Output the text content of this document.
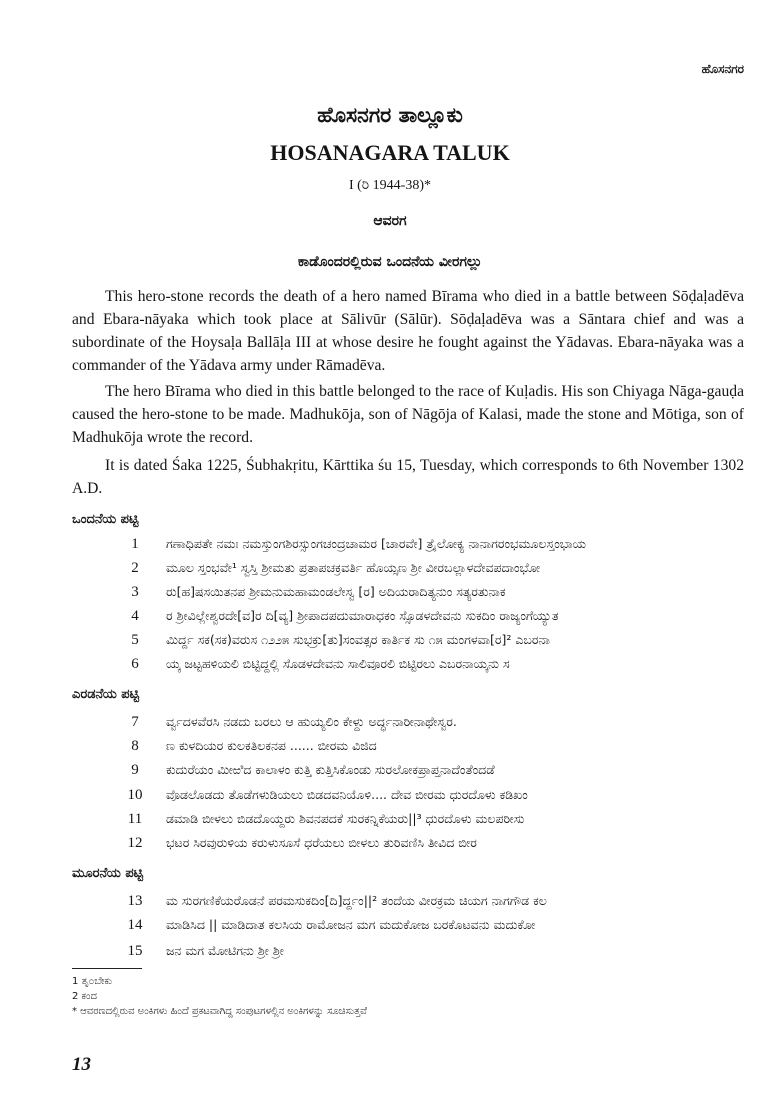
ಹೊಸನಗರ
ಹೊಸನಗರ ತಾಲ್ಲೂಕು
HOSANAGARA TALUK
I (ರಿ 1944-38)*
ಆವರಗ
ಕಾಡೊಂದರಲ್ಲಿರುವ ಒಂದನೆಯ ವೀರಗಲ್ಲು

This hero-stone records the death of a hero named Bīrama who died in a battle between Sōḍaḷadēva and Ebara-nāyaka which took place at Sālivūr (Sālūr). Sōḍaḷadēva was a Sāntara chief and was a subordinate of the Hoysaḷa Ballāḷa III at whose desire he fought against the Yādavas. Ebara-nāyaka was a commander of the Yādava army under Rāmadēva.

The hero Bīrama who died in this battle belonged to the race of Kuḷadis. His son Chiyaga Nāga-gauḍa caused the hero-stone to be made. Madhukōja, son of Nāgōja of Kalasi, made the stone and Mōtiga, son of Madhukōja wrote the record.

It is dated Śaka 1225, Śubhakṛitu, Kārttika śu 15, Tuesday, which corresponds to 6th November 1302 A.D.

ಒಂದನೆಯ ಪಟ್ಟಿ
1	ಗಣಾಧಿಪತೇ ನಮಃ ನಮಸ್ತುಂಗಶಿರಸ್ಸುಂಗಚಂದ್ರಚಾಮರ [ಚಾರವೇ] ತ್ರೈಲೋಕ್ಯ ನಾನಾಗರಂಭಮೂಲಸ್ತಂಭಾಯ
2	ಮೂಲ ಸ್ತಂಭವೇ¹ ಸ್ವಸ್ತಿ ಶ್ರೀಮತು ಪ್ರತಾಪಚಕ್ರವರ್ತಿ ಹೊಯ್ಸಣ ಶ್ರೀ ವೀರಬಲ್ಲಾಳದೇವಪದಾಂಭೋ
3	ರು[ಹ]ಷಸಯಿತನಪ ಶ್ರೀಮನುಮಹಾಮಂಡಲೇಸ್ವ [ರ] ಅದಿಯರಾದಿತ್ಯನುಂ ಸತ್ಯರತುನಾಕ
4	ರ ಶ್ರೀವಿಲ್ಲೇಶ್ವರದೇ[ವ]ರ ದಿ[ವ್ಯ] ಶ್ರೀಪಾದಪದುಮಾರಾಧಕಂ ಸ್ಸೊಡಳದೇವನು ಸುಕದಿಂ ರಾಜ್ಯಂಗೆಯ್ಯುತ
5	ಮಿರ್ದ್ದ ಸಕ(ಸಕ)ವರುಸ ೧೨೨೫ ಸುಭಕ್ರು[ತು]ಸಂವತ್ಸರ ಕಾರ್ತಿಕ ಸು ೧೫ ಮಂಗಳವಾ[ರ]² ಎಬರನಾ
6	ಯ್ಕ ಜಟ್ಟಹಳಿಯಲಿ ಬಿಟ್ಟಿದ್ದಲ್ಲಿ ಸೊಡಳದೇವನು ಸಾಲಿವೂರಲಿ ಬಿಟ್ಟಿರಲು ಎಬರನಾಯ್ಕನು ಸ
ಎರಡನೆಯ ಪಟ್ಟಿ
7	ರ್ವ್ವದಳವೆರಸಿ ನಡದು ಬರಲು ಆ ಹುಯ್ಯಲಿಂ ಕೇಳ್ದು ಅರ್ದ್ಧನಾರೀನಾಥೇಸ್ವರ.
8	ಣ ಕುಳದಿಯರ ಕುಲಕತಿಲಕನಪ ...... ಬೀರಮ ವಿಜಿದ
9	ಕುದುರೆಯಂ ಮೀಱಿದ ಕಾಲಾಳಂ ಕುತ್ತಿ ಕುತ್ತಿಸಿಕೊಂಡು ಸುರಲೋಕಪ್ರಾಪ್ತನಾದೆಂತೆಂದಡೆ
10	ವೊಡಲೊಡದು ತೊಡೆಗಳುಡಿಯಲು ಬಿಡದವನಿಯೊಳಿ.... ದೇವ ಬೀರಮ ಧುರದೊಳು ಕಡಿಖಂ
11	ಡಮಾಡಿ ಬೀಳಲು ಬಿಡದೊಯ್ದರು ಶಿವನಪದಕೆ ಸುರಕನ್ನಿಕೆಯರು||³ ಧುರದೊಳು ಮಲಪರೀಸು
12	ಭಟರ ಸಿರವುರುಳಿಯ ಕರುಳುಸೂಸೆ ಧರೆಯಲು ಬೀಳಲು ತುರಿವಣಿಸಿ ತೀವಿದ ಬೀರ
ಮೂರನೆಯ ಪಟ್ಟಿ
13	ಮ ಸುರಗಣಿಕೆಯರೊಡನೆ ಪರಮಸುಕದಿಂ[ದಿ]ರ್ದ್ದಂ||² ತಂದೆಯ ವೀರಕ್ರಮ ಚಿಯಗ ನಾಗಗೌಡ ಕಲ
14	ಮಾಡಿಸಿದ || ಮಾಡಿದಾತ ಕಲಸಿಯ ರಾಮೋಜನ ಮಗ ಮದುಕೋಜ ಬರಕೊಟವನು ಮದುಕೋ
15	ಜನ ಮಗ ಮೋಟಿಗನು ಶ್ರೀ ಶ್ರೀ
1 ತೃ೦ಬೇಕು
2 ಕಂದ
* ಆವರಣದಲ್ಲಿರುವ ಅಂಕಿಗಳು ಹಿಂದೆ ಪ್ರಕಟವಾಗಿದ್ದ ಸಂಪುಟಗಳಲ್ಲಿನ ಅಂಕಿಗಳನ್ನು ಸೂಚಿಸುತ್ತವೆ
13
